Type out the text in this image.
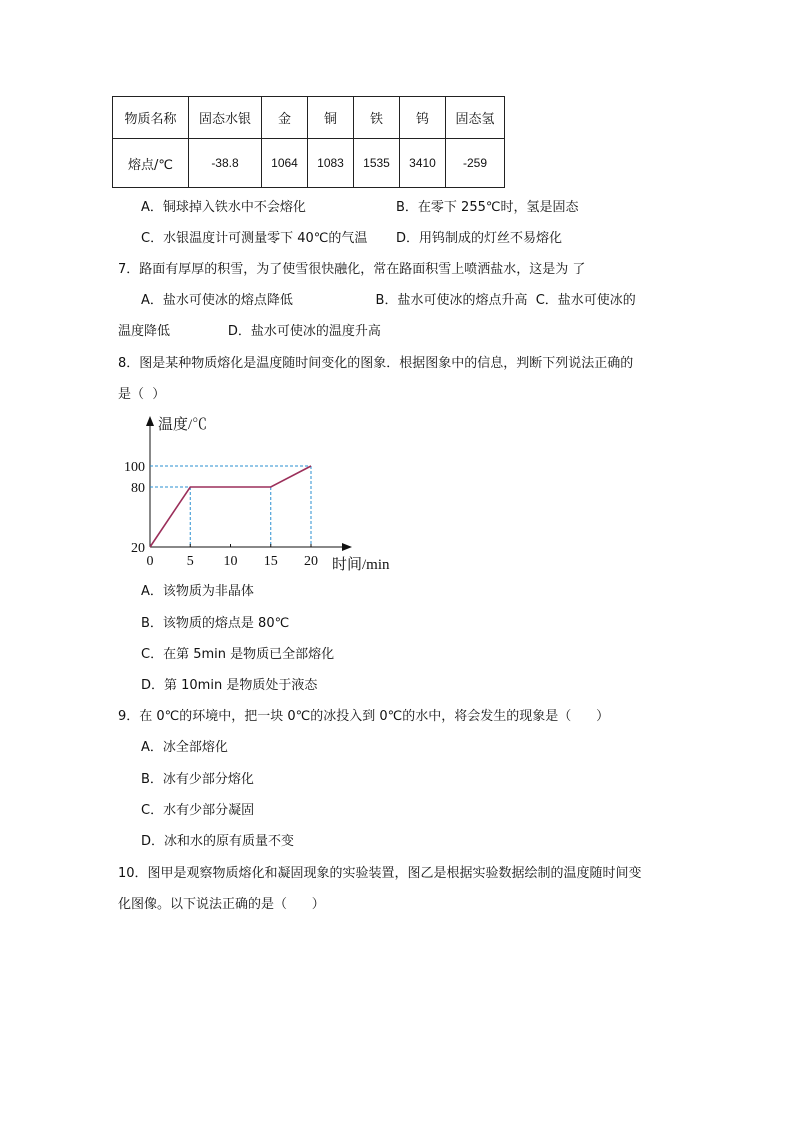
物质名称	固态水银	金	铜	铁	钨	固态氢
熔点/℃	-38.8	1064	1083	1535	3410	-259
A．铜球掉入铁水中不会熔化	B．在零下 255℃时，氢是固态
C．水银温度计可测量零下 40℃的气温 D．用钨制成的灯丝不易熔化
7．路面有厚厚的积雪，为了使雪很快融化，常在路面积雪上喷洒盐水，这是为 了
A．盐水可使冰的熔点降低                    B．盐水可使冰的熔点升高  C．盐水可使冰的
温度降低              D．盐水可使冰的温度升高
8．图是某种物质熔化是温度随时间变化的图象．根据图象中的信息，判断下列说法正确的
是（  ）
温度/℃
时间/min
0 5 10 15 20
20
80
100
A．该物质为非晶体
B．该物质的熔点是 80℃
C．在第 5min 是物质已全部熔化
D．第 10min 是物质处于液态
9．在 0℃的环境中，把一块 0℃的冰投入到 0℃的水中，将会发生的现象是（      ）
A．冰全部熔化
B．冰有少部分熔化
C．水有少部分凝固
D．冰和水的原有质量不变
10．图甲是观察物质熔化和凝固现象的实验装置，图乙是根据实验数据绘制的温度随时间变
化图像。以下说法正确的是（      ）
